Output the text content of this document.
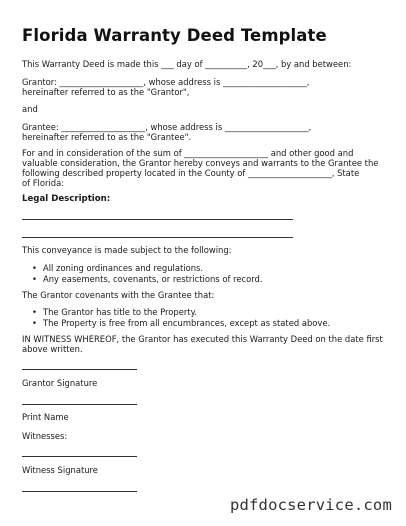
Florida Warranty Deed Template

This Warranty Deed is made this ___ day of __________, 20___, by and between:

Grantor: ____________________, whose address is ____________________,

hereinafter referred to as the "Grantor",

and

Grantee: ____________________, whose address is ____________________,

hereinafter referred to as the "Grantee".

For and in consideration of the sum of ____________________ and other good and

valuable consideration, the Grantor hereby conveys and warrants to the Grantee the

following described property located in the County of ____________________, State

of Florida:

Legal Description:

This conveyance is made subject to the following:

• All zoning ordinances and regulations.
• Any easements, covenants, or restrictions of record.

The Grantor covenants with the Grantee that:

• The Grantor has title to the Property.
• The Property is free from all encumbrances, except as stated above.

IN WITNESS WHEREOF, the Grantor has executed this Warranty Deed on the date first

above written.

Grantor Signature

Print Name

Witnesses:

Witness Signature

pdfdocservice.com
